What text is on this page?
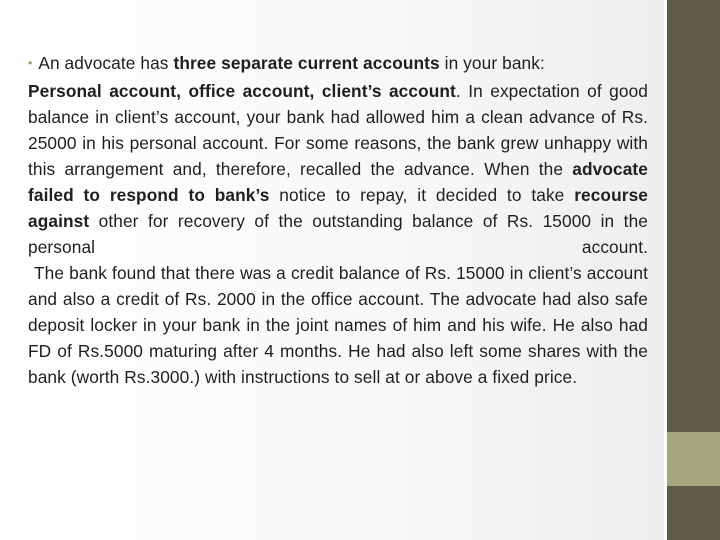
• An advocate has three separate current accounts in your bank:

Personal account, office account, client’s account. In expectation of good balance in client’s account, your bank had allowed him a clean advance of Rs. 25000 in his personal account. For some reasons, the bank grew unhappy with this arrangement and, therefore, recalled the advance. When the advocate failed to respond to bank’s notice to repay, it decided to take recourse against other for recovery of the outstanding balance of Rs. 15000 in the personal account.

The bank found that there was a credit balance of Rs. 15000 in client’s account and also a credit of Rs. 2000 in the office account. The advocate had also safe deposit locker in your bank in the joint names of him and his wife. He also had FD of Rs.5000 maturing after 4 months. He had also left some shares with the bank (worth Rs.3000.) with instructions to sell at or above a fixed price.
